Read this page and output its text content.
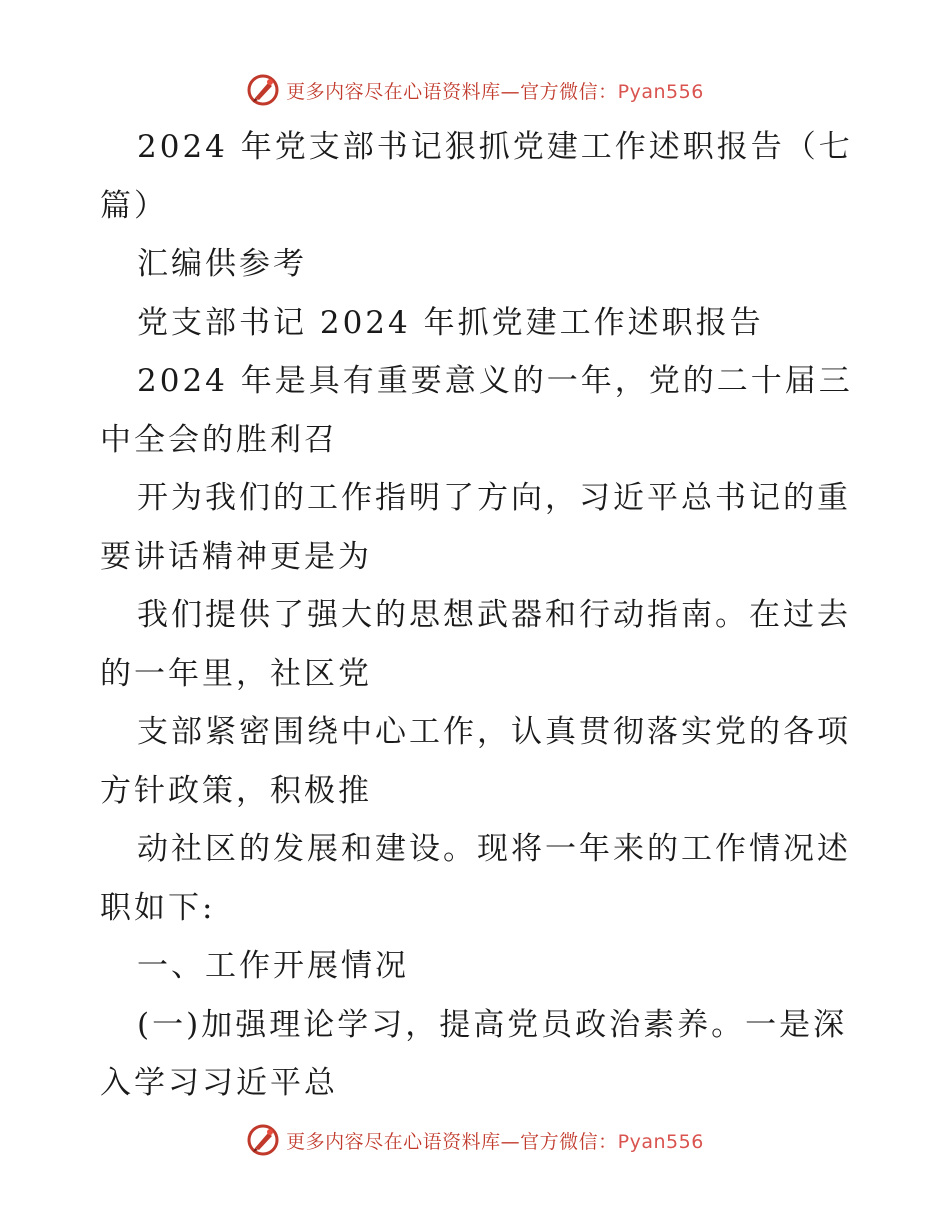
更多内容尽在心语资料库—官方微信：Pyan556

2024 年党支部书记狠抓党建工作述职报告（七篇）

汇编供参考

党支部书记 2024 年抓党建工作述职报告

2024 年是具有重要意义的一年，党的二十届三中全会的胜利召

开为我们的工作指明了方向，习近平总书记的重要讲话精神更是为

我们提供了强大的思想武器和行动指南。在过去的一年里，社区党

支部紧密围绕中心工作，认真贯彻落实党的各项方针政策，积极推

动社区的发展和建设。现将一年来的工作情况述职如下:

一、工作开展情况

(一)加强理论学习，提高党员政治素养。一是深入学习习近平总

更多内容尽在心语资料库—官方微信：Pyan556
